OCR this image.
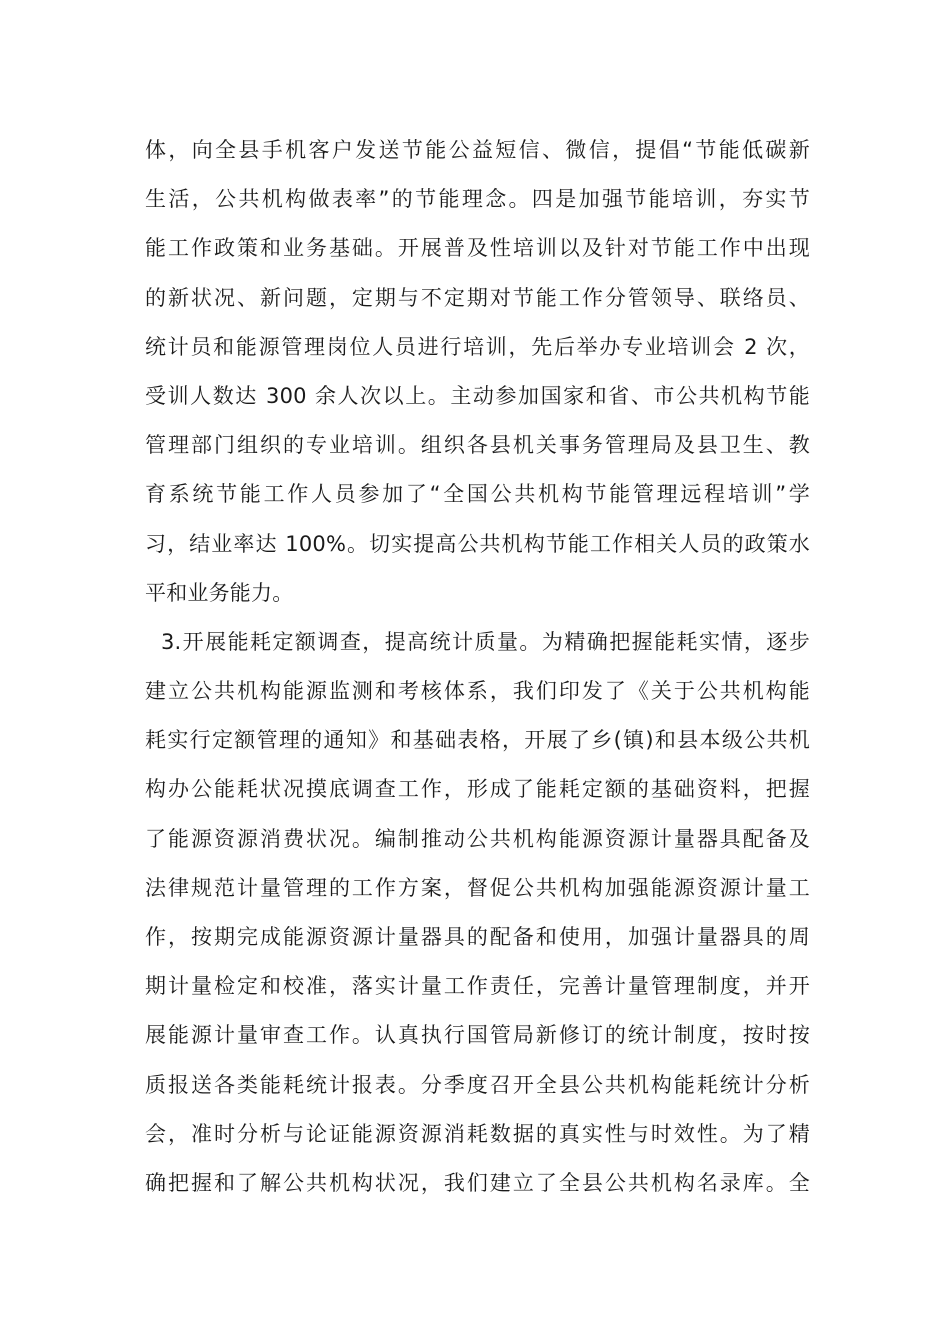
体，向全县手机客户发送节能公益短信、微信，提倡“节能低碳新
生活，公共机构做表率”的节能理念。四是加强节能培训，夯实节
能工作政策和业务基础。开展普及性培训以及针对节能工作中出现
的新状况、新问题，定期与不定期对节能工作分管领导、联络员、
统计员和能源管理岗位人员进行培训，先后举办专业培训会 2 次，
受训人数达 300 余人次以上。主动参加国家和省、市公共机构节能
管理部门组织的专业培训。组织各县机关事务管理局及县卫生、教
育系统节能工作人员参加了“全国公共机构节能管理远程培训”学
习，结业率达 100%。切实提高公共机构节能工作相关人员的政策水
平和业务能力。
3.开展能耗定额调查，提高统计质量。为精确把握能耗实情，逐步
建立公共机构能源监测和考核体系，我们印发了《关于公共机构能
耗实行定额管理的通知》和基础表格，开展了乡(镇)和县本级公共机
构办公能耗状况摸底调查工作，形成了能耗定额的基础资料，把握
了能源资源消费状况。编制推动公共机构能源资源计量器具配备及
法律规范计量管理的工作方案，督促公共机构加强能源资源计量工
作，按期完成能源资源计量器具的配备和使用，加强计量器具的周
期计量检定和校准，落实计量工作责任，完善计量管理制度，并开
展能源计量审查工作。认真执行国管局新修订的统计制度，按时按
质报送各类能耗统计报表。分季度召开全县公共机构能耗统计分析
会，准时分析与论证能源资源消耗数据的真实性与时效性。为了精
确把握和了解公共机构状况，我们建立了全县公共机构名录库。全
